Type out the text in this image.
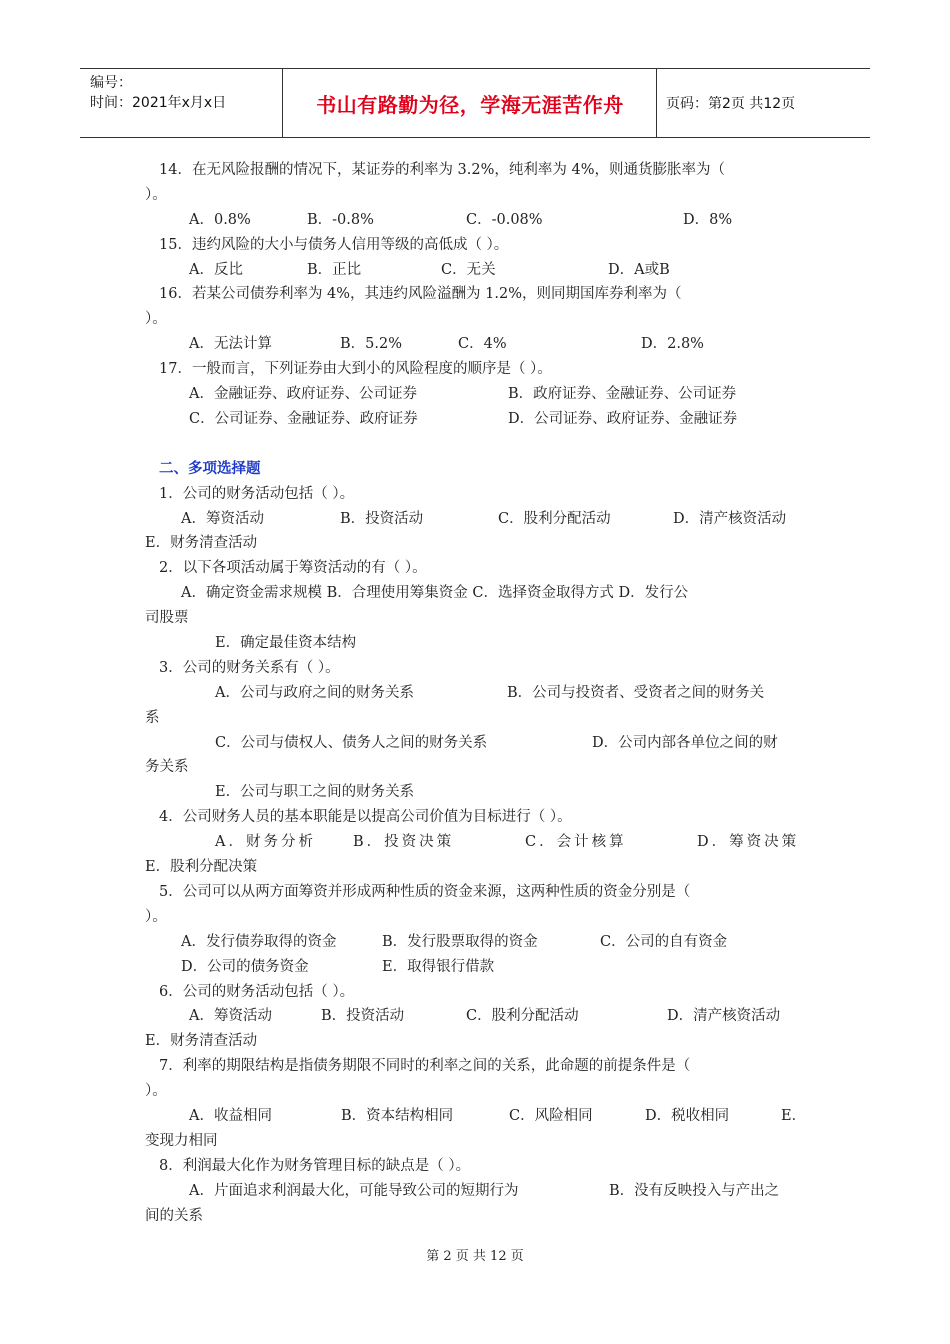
编号：
时间：2021年x月x日	书山有路勤为径，学海无涯苦作舟	页码：第2页 共12页
14．在无风险报酬的情况下，某证券的利率为 3.2%，纯利率为 4%，则通货膨胀率为（
）。
A．0.8%	B．-0.8%	C．-0.08%	D．8%
15．违约风险的大小与债务人信用等级的高低成（ ）。
A．反比	B．正比	C．无关	D．A或B
16．若某公司债券利率为 4%，其违约风险溢酬为 1.2%，则同期国库券利率为（
）。
A．无法计算	B．5.2%	C．4%	D．2.8%
17．一般而言，下列证券由大到小的风险程度的顺序是（ ）。
A．金融证券、政府证券、公司证券	B．政府证券、金融证券、公司证券
C．公司证券、金融证券、政府证券	D．公司证券、政府证券、金融证券
二、多项选择题
1．公司的财务活动包括（ ）。
A．筹资活动	B．投资活动	C．股利分配活动	D．清产核资活动
E．财务清查活动
2．以下各项活动属于筹资活动的有（ ）。
A．确定资金需求规模 B．合理使用筹集资金 C．选择资金取得方式 D．发行公
司股票
E．确定最佳资本结构
3．公司的财务关系有（ ）。
A．公司与政府之间的财务关系	B．公司与投资者、受资者之间的财务关
系
C．公司与债权人、债务人之间的财务关系	D．公司内部各单位之间的财
务关系
E．公司与职工之间的财务关系
4．公司财务人员的基本职能是以提高公司价值为目标进行（ ）。
A．财务分析	B．投资决策	C．会计核算	D．筹资决策
E．股利分配决策
5．公司可以从两方面筹资并形成两种性质的资金来源，这两种性质的资金分别是（
）。
A．发行债券取得的资金	B．发行股票取得的资金	C．公司的自有资金
D．公司的债务资金	E．取得银行借款
6．公司的财务活动包括（ ）。
A．筹资活动	B．投资活动	C．股利分配活动	D．清产核资活动
E．财务清查活动
7．利率的期限结构是指债务期限不同时的利率之间的关系，此命题的前提条件是（
）。
A．收益相同	B．资本结构相同	C．风险相同	D．税收相同	E．
变现力相同
8．利润最大化作为财务管理目标的缺点是（ ）。
A．片面追求利润最大化，可能导致公司的短期行为	B．没有反映投入与产出之
间的关系
第 2 页 共 12 页
